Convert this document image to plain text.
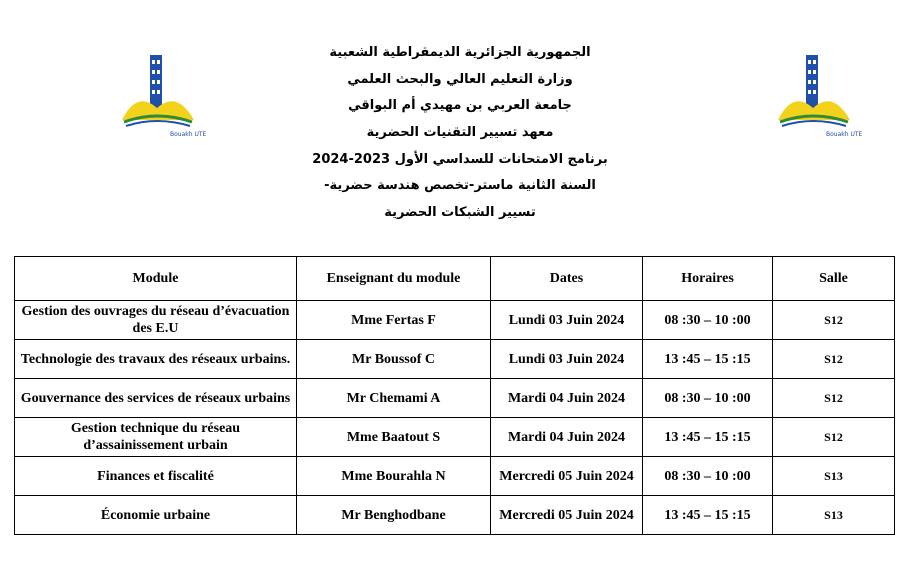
Bouakh UTE	Bouakh UTE
الجمهورية الجزائرية الديمقراطية الشعبية
وزارة التعليم العالي والبحث العلمي
جامعة العربي بن مهيدي أم البواقي
معهد تسيير التقنيات الحضرية
برنامج الامتحانات للسداسي الأول 2023-2024
السنة الثانية ماستر-تخصص هندسة حضرية-
تسيير الشبكات الحضرية
Module	Enseignant du module	Dates	Horaires	Salle
Gestion des ouvrages du réseau d’évacuation des E.U	Mme Fertas F	Lundi 03 Juin 2024	08 :30 – 10 :00	S12
Technologie des travaux des réseaux urbains.	Mr Boussof C	Lundi 03 Juin 2024	13 :45 – 15 :15	S12
Gouvernance des services de réseaux urbains	Mr Chemami A	Mardi 04 Juin 2024	08 :30 – 10 :00	S12
Gestion technique du réseau d’assainissement urbain	Mme Baatout S	Mardi 04 Juin 2024	13 :45 – 15 :15	S12
Finances et fiscalité	Mme Bourahla N	Mercredi 05 Juin 2024	08 :30 – 10 :00	S13
Économie urbaine	Mr Benghodbane	Mercredi 05 Juin 2024	13 :45 – 15 :15	S13
